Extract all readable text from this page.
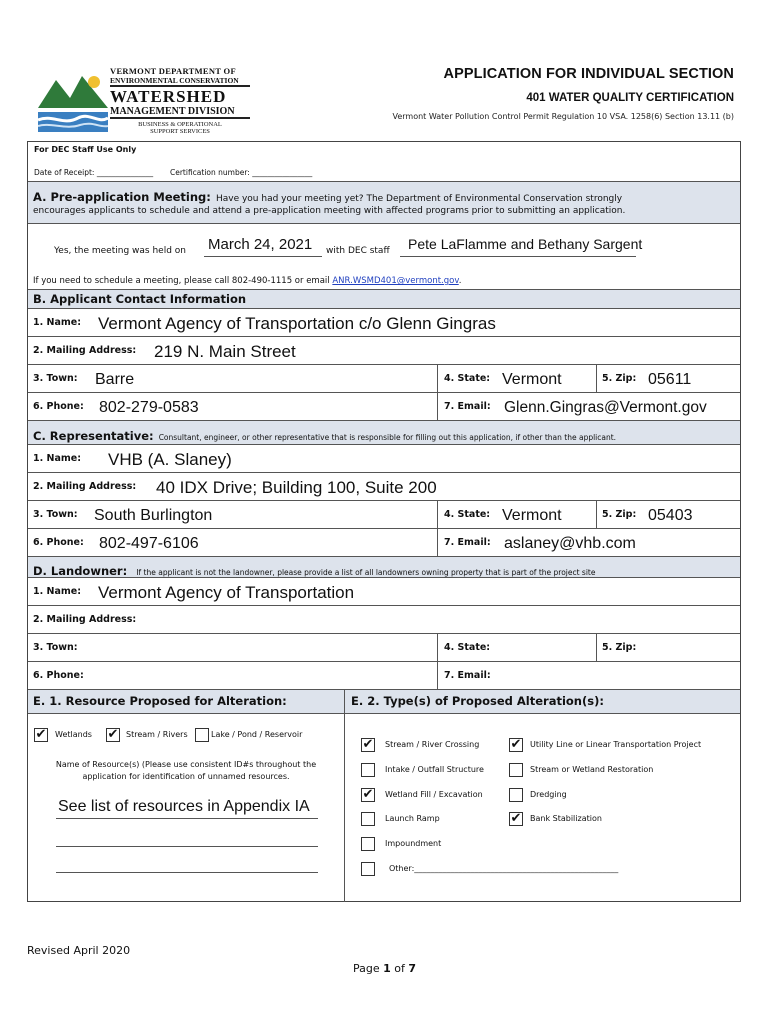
VERMONT DEPARTMENT OF
ENVIRONMENTAL CONSERVATION
WATERSHED
MANAGEMENT DIVISION
BUSINESS & OPERATIONAL
SUPPORT SERVICES
APPLICATION FOR INDIVIDUAL SECTION
401 WATER QUALITY CERTIFICATION
Vermont Water Pollution Control Permit Regulation 10 VSA. 1258(6) Section 13.11 (b)
For DEC Staff Use Only
Date of Receipt: _______________ Certification number: ________________
A. Pre-application Meeting: Have you had your meeting yet? The Department of Environmental Conservation strongly
encourages applicants to schedule and attend a pre-application meeting with affected programs prior to submitting an application.
Yes, the meeting was held on March 24, 2021 with DEC staff Pete LaFlamme and Bethany Sargent
If you need to schedule a meeting, please call 802-490-1115 or email ANR.WSMD401@vermont.gov.
B. Applicant Contact Information
1. Name: Vermont Agency of Transportation c/o Glenn Gingras
2. Mailing Address: 219 N. Main Street
3. Town: Barre	4. State: Vermont	5. Zip: 05611
6. Phone: 802-279-0583	7. Email: Glenn.Gingras@Vermont.gov
C. Representative: Consultant, engineer, or other representative that is responsible for filling out this application, if other than the applicant.
1. Name: VHB (A. Slaney)
2. Mailing Address: 40 IDX Drive; Building 100, Suite 200
3. Town: South Burlington	4. State: Vermont	5. Zip: 05403
6. Phone: 802-497-6106	7. Email: aslaney@vhb.com
D. Landowner: If the applicant is not the landowner, please provide a list of all landowners owning property that is part of the project site
1. Name: Vermont Agency of Transportation
2. Mailing Address:
3. Town:	4. State:	5. Zip:
6. Phone:	7. Email:
E. 1. Resource Proposed for Alteration:	E. 2. Type(s) of Proposed Alteration(s):
✔ Wetlands ✔ Stream / Rivers	Lake / Pond / Reservoir
Name of Resource(s) (Please use consistent ID#s throughout the
application for identification of unnamed resources.
See list of resources in Appendix IA
✔ Stream / River Crossing ✔ Utility Line or Linear Transportation Project
Intake / Outfall Structure	Stream or Wetland Restoration
✔ Wetland Fill / Excavation	Dredging
Launch Ramp	✔ Bank Stabilization
Impoundment
Other:___________________________________________________
Revised April 2020
Page 1 of 7
